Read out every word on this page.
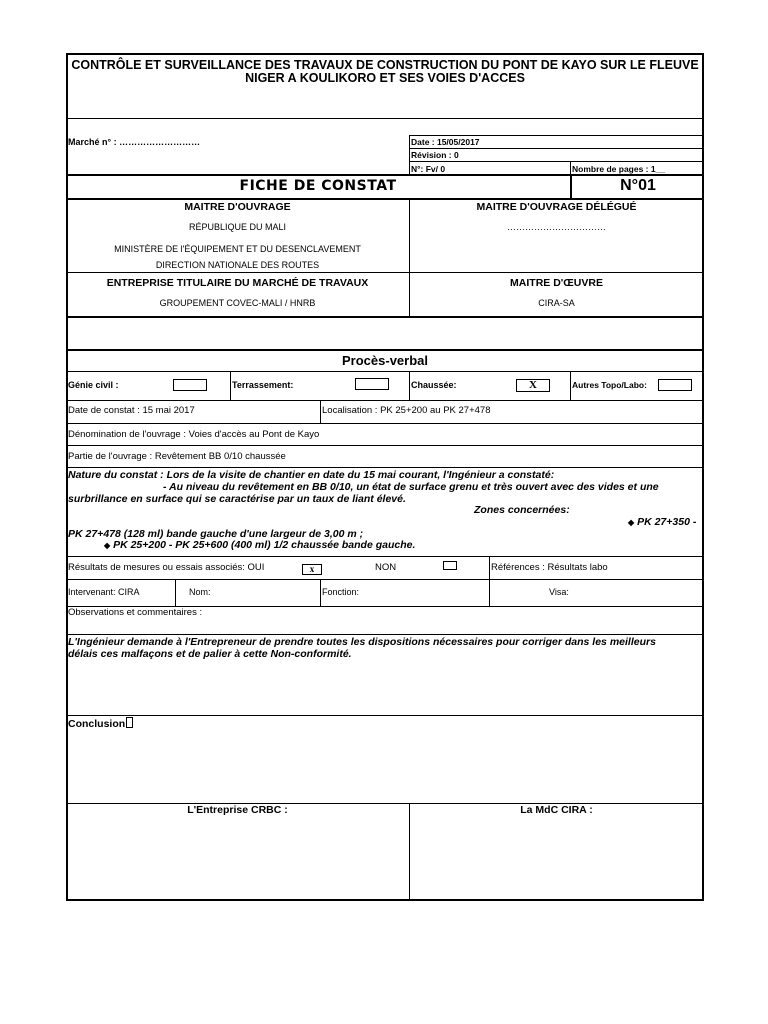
CONTRÔLE ET SURVEILLANCE DES TRAVAUX DE CONSTRUCTION DU PONT DE KAYO SUR LE FLEUVE
NIGER A KOULIKORO ET SES VOIES D'ACCES
Marché n° : ………………………	Date : 15/05/2017
Révision : 0
N°: Fv/ 0	Nombre de pages : 1__
FICHE DE CONSTAT	N°01
MAITRE D'OUVRAGE
RÉPUBLIQUE DU MALI
MINISTÈRE DE l'ÉQUIPEMENT ET DU DESENCLAVEMENT
DIRECTION NATIONALE DES ROUTES
MAITRE D'OUVRAGE DÉLÉGUÉ
……………………………
ENTREPRISE TITULAIRE DU MARCHÉ DE TRAVAUX
GROUPEMENT COVEC-MALI / HNRB
MAITRE D'ŒUVRE
CIRA-SA
Procès-verbal
Génie civil :	Terrassement:	Chaussée:	X	Autres Topo/Labo:
Date de constat : 15 mai 2017	Localisation : PK 25+200 au PK 27+478
Dénomination de l'ouvrage : Voies d'accès au Pont de Kayo
Partie de l'ouvrage : Revêtement BB 0/10 chaussée
Nature du constat : Lors de la visite de chantier en date du 15 mai courant, l'Ingénieur a constaté:
- Au niveau du revêtement en BB 0/10, un état de surface grenu et très ouvert avec des vides et une
surbrillance en surface qui se caractérise par un taux de liant élevé.
Zones concernées:
◆ PK 27+350 -
PK 27+478 (128 ml) bande gauche d'une largeur de 3,00 m ;
◆ PK 25+200 - PK 25+600 (400 ml) 1/2 chaussée bande gauche.
Résultats de mesures ou essais associés: OUI	x	NON	Références : Résultats labo
Intervenant: CIRA	Nom:	Fonction:	Visa:
Observations et commentaires :
L'Ingénieur demande à l'Entrepreneur de prendre toutes les dispositions nécessaires pour corriger dans les meilleurs
délais ces malfaçons et de palier à cette Non-conformité.
Conclusion
L'Entreprise CRBC :	La MdC CIRA :
